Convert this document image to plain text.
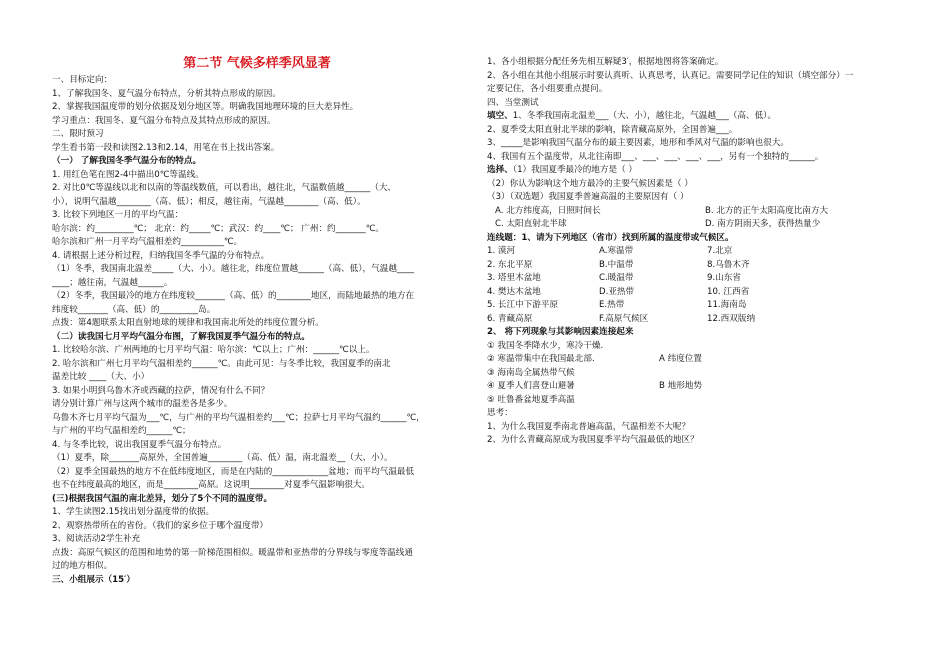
第二节 气候多样季风显著

一、目标定向：

1、了解我国冬、夏气温分布特点，分析其特点形成的原因。

2、掌握我国温度带的划分依据及划分地区等。明确我国地理环境的巨大差异性。

学习重点：我国冬、夏气温分布特点及其特点形成的原因。

二、限时预习

学生看书第一段和读图2.13和2.14，用笔在书上找出答案。

（一） 了解我国冬季气温分布的特点。

1. 用红色笔在图2-4中描出0℃等温线。

2. 对比0℃等温线以北和以南的等温线数值，可以看出，越往北，气温数值越______（大、

小），说明气温越________（高、低）；相反，越往南，气温越________（高、低）。

3. 比较下列地区一月的平均气温：

哈尔滨：约_________℃； 北京：约_____℃；武汉：约____℃； 广州：约_______℃。

哈尔滨和广州一月平均气温相差约__________℃。

4. 请根据上述分析过程，归纳我国冬季气温的分布特点。

（1）冬季，我国南北温差_____（大、小）。越往北，纬度位置越______（高、低），气温越____

____；越往南，气温越______。

（2）冬季，我国最冷的地方在纬度较_______（高、低）的________地区，而陆地最热的地方在

纬度较_______（高、低）的_________岛。

点拨：第4题联系太阳直射地球的规律和我国南北所处的纬度位置分析。

（二）读我国七月平均气温分布图，了解我国夏季气温分布的特点。

1. 比较哈尔滨、广州两地的七月平均气温：哈尔滨：℃以上；广州：______℃以上。

2. 哈尔滨和广州七月平均气温相差约______℃。由此可见：与冬季比较，我国夏季的南北

温差比较 ____（大、小）

3. 如果小明到乌鲁木齐或西藏的拉萨，情况有什么不同？

请分别计算广州与这两个城市的温差各是多少。

乌鲁木齐七月平均气温为___℃，与广州的平均气温相差约___℃；拉萨七月平均气温约______℃，

与广州的平均气温相差约______℃；

4. 与冬季比较，说出我国夏季气温分布特点。

（1）夏季，除_______高原外，全国普遍________（高、低）温，南北温差__（大、小）。

（2）夏季全国最热的地方不在低纬度地区，而是在内陆的_____________盆地；而平均气温最低

也不在纬度最高的地区，而是________高原。这说明________对夏季气温影响很大。

(三)根据我国气温的南北差异，划分了5个不同的温度带。

1、学生读图2.15找出划分温度带的依据。

2、观察热带所在的省份。（我们的家乡位于哪个温度带）

3、阅读活动2学生补充

点拨：高原气候区的范围和地势的第一阶梯范围相似。暖温带和亚热带的分界线与零度等温线通

过的地方相似。

三、小组展示（15′）

1、各小组根据分配任务先相互解疑3′，根据地图将答案确定。

2、各小组在其他小组展示时要认真听、认真思考，认真记。需要同学记住的知识（填空部分）一

定要记住，各小组要重点提问。

四、当堂测试

填空、1、冬季我国南北温差___（大、小），越往北，气温越___（高、低）。

2、夏季受太阳直射北半球的影响，除青藏高原外，全国普遍___。

3、_____是影响我国气温分布的最主要因素，地形和季风对气温的影响也很大。

4、我国有五个温度带，从北往南即___、___、___、___、___，另有一个独特的______。

选择、（1）我国夏季最冷的地方是（ ）

（2）你认为影响这个地方最冷的主要气候因素是（ ）

（3）（双选题）我国夏季普遍高温的主要原因有（ ）

A. 北方纬度高，日照时间长	B. 北方的正午太阳高度比南方大
C. 太阳直射北半球	D. 南方阴雨天多，获得热量少

连线题：1、请为下列地区（省市）找到所属的温度带或气候区。

1. 漠河	A.寒温带	7.北京
2. 东北平原	B.中温带	8.乌鲁木齐
3. 塔里木盆地	C.暖温带	9.山东省
4. 樊达木盆地	D.亚热带	10. 江西省
5. 长江中下游平原	E.热带	11.海南岛
6. 青藏高原	F.高原气候区	12.西双版纳

2、 将下列现象与其影响因素连接起来

① 我国冬季降水少，寒冷干燥.
② 寒温带集中在我国最北部.	A 纬度位置
③ 海南岛全属热带气候
④ 夏季人们喜登山避暑	B 地形地势
⑤ 吐鲁番盆地夏季高温

思考：

1、为什么我国夏季南北普遍高温，气温相差不大呢？

2、为什么青藏高原成为我国夏季平均气温最低的地区？
